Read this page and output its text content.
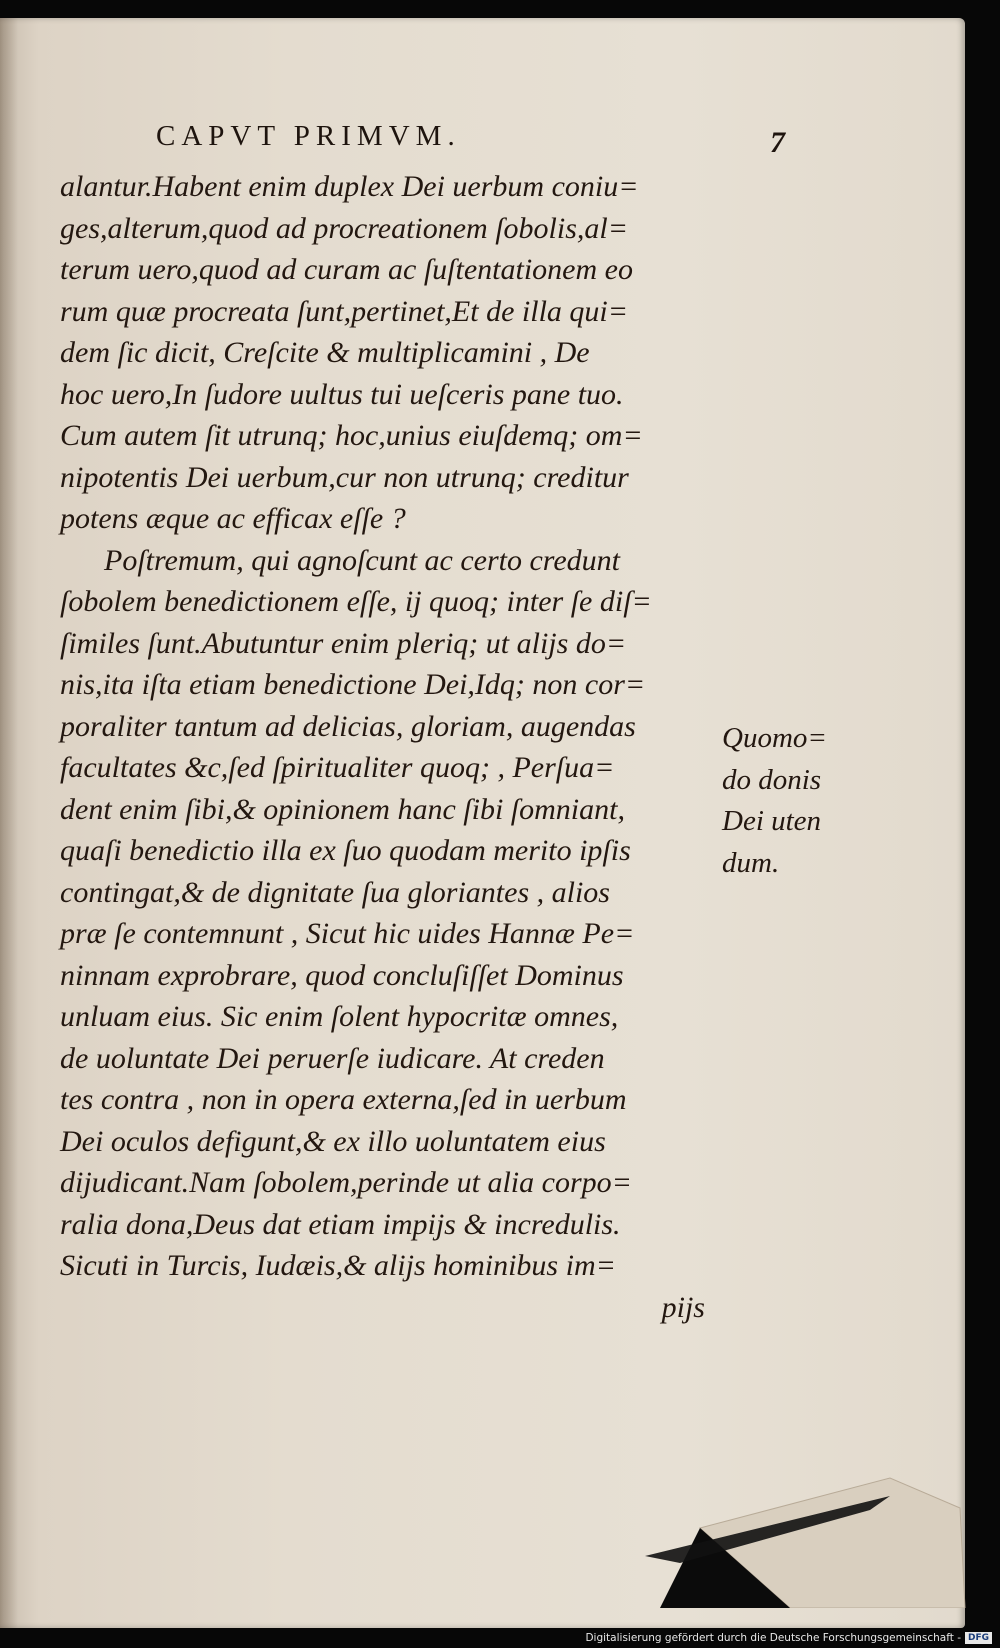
CAPVT PRIMVM.	7
alantur.Habent enim duplex Dei uerbum coniu=
ges,alterum,quod ad procreationem ſobolis,al=
terum uero,quod ad curam ac ſuſtentationem eo
rum quæ procreata ſunt,pertinet,Et de illa qui=
dem ſic dicit, Creſcite & multiplicamini , De
hoc uero,In ſudore uultus tui ueſceris pane tuo.
Cum autem ſit utrunq; hoc,unius eiuſdemq; om=
nipotentis Dei uerbum,cur non utrunq; creditur
potens æque ac efficax eſſe ?
Poſtremum, qui agnoſcunt ac certo credunt
ſobolem benedictionem eſſe, ij quoq; inter ſe diſ=
ſimiles ſunt.Abutuntur enim pleriq; ut alijs do=
nis,ita iſta etiam benedictione Dei,Idq; non cor=
poraliter tantum ad delicias, gloriam, augendas
facultates &c,ſed ſpiritualiter quoq; , Perſua=
dent enim ſibi,& opinionem hanc ſibi ſomniant,
quaſi benedictio illa ex ſuo quodam merito ipſis
contingat,& de dignitate ſua gloriantes , alios
præ ſe contemnunt , Sicut hic uides Hannæ Pe=
ninnam exprobrare, quod concluſiſſet Dominus
unluam eius. Sic enim ſolent hypocritæ omnes,
de uoluntate Dei peruerſe iudicare. At creden
tes contra , non in opera externa,ſed in uerbum
Dei oculos defigunt,& ex illo uoluntatem eius
dijudicant.Nam ſobolem,perinde ut alia corpo=
ralia dona,Deus dat etiam impijs & incredulis.
Sicuti in Turcis, Iudæis,& alijs hominibus im=
pijs
Quomo=
do donis
Dei uten
dum.
Digitalisierung gefördert durch die Deutsche Forschungsgemeinschaft - DFG
